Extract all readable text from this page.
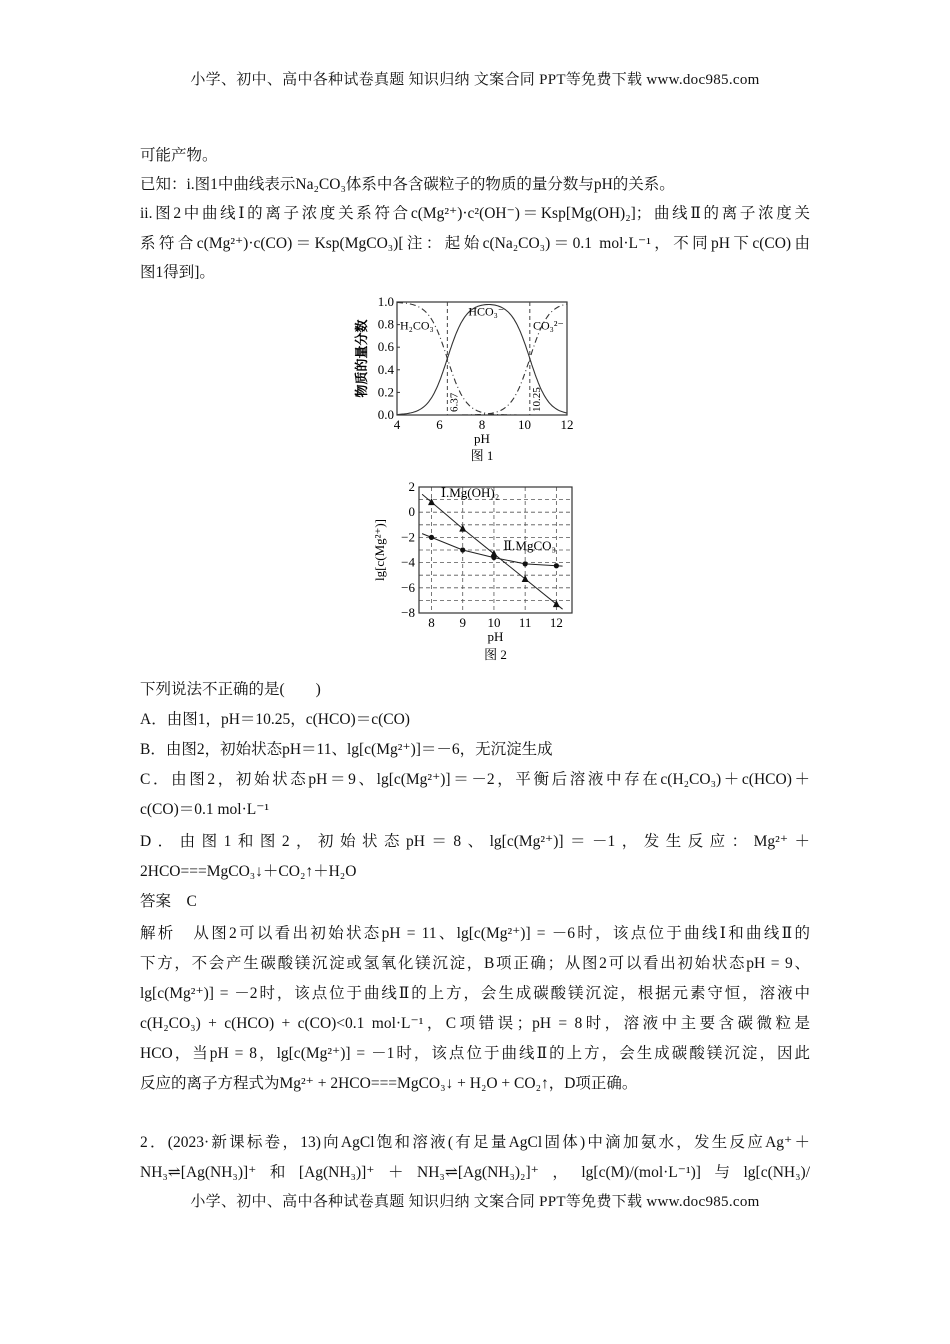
小学、初中、高中各种试卷真题 知识归纳 文案合同 PPT等免费下载 www.doc985.com
可能产物。
已知：i.图1中曲线表示Na₂CO₃体系中各含碳粒子的物质的量分数与pH的关系。
ii.图2中曲线Ⅰ的离子浓度关系符合c(Mg²⁺)·c²(OH⁻)＝Ksp[Mg(OH)₂]；曲线Ⅱ的离子浓度关
系符合c(Mg²⁺)·c(CO)＝Ksp(MgCO₃)[注：起始c(Na₂CO₃)＝0.1 mol·L⁻¹，不同pH下c(CO)由
图1得到]。
4	6	8	10 12
0.0
0.2
0.4
0.6
0.8
1.0
pH
物质的量分数
图 1
6.37	10.25
H₂CO₃
HCO₃⁻
CO₃²⁻
8 9 10 11 12
2
0
−2
−4
−6
−8
pH
lg[c(Mg²⁺)]
图 2
Ⅰ.Mg(OH)₂
Ⅱ.MgCO₃
下列说法不正确的是(　　)
A．由图1，pH＝10.25，c(HCO)＝c(CO)
B．由图2，初始状态pH＝11、lg[c(Mg²⁺)]＝－6，无沉淀生成
C．由图2，初始状态pH＝9、lg[c(Mg²⁺)]＝－2，平衡后溶液中存在c(H₂CO₃)＋c(HCO)＋
c(CO)＝0.1 mol·L⁻¹
D．由图1和图2，初始状态pH＝8、lg[c(Mg²⁺)]＝－1，发生反应：Mg²⁺＋
2HCO===MgCO₃↓＋CO₂↑＋H₂O
答案  C
解析  从图2可以看出初始状态pH = 11、lg[c(Mg²⁺)] = －6时，该点位于曲线Ⅰ和曲线Ⅱ的
下方，不会产生碳酸镁沉淀或氢氧化镁沉淀，B项正确；从图2可以看出初始状态pH = 9、
lg[c(Mg²⁺)] = －2时，该点位于曲线Ⅱ的上方，会生成碳酸镁沉淀，根据元素守恒，溶液中
c(H₂CO₃) + c(HCO) + c(CO)<0.1 mol·L⁻¹，C项错误；pH = 8时，溶液中主要含碳微粒是
HCO，当pH = 8，lg[c(Mg²⁺)] = －1时，该点位于曲线Ⅱ的上方，会生成碳酸镁沉淀，因此
反应的离子方程式为Mg²⁺ + 2HCO===MgCO₃↓ + H₂O + CO₂↑，D项正确。
2．(2023·新课标卷，13)向AgCl饱和溶液(有足量AgCl固体)中滴加氨水，发生反应Ag⁺＋
NH₃⇌[Ag(NH₃)]⁺和[Ag(NH₃)]⁺＋NH₃⇌[Ag(NH₃)₂]⁺，lg[c(M)/(mol·L⁻¹)]与lg[c(NH₃)/
小学、初中、高中各种试卷真题 知识归纳 文案合同 PPT等免费下载 www.doc985.com
